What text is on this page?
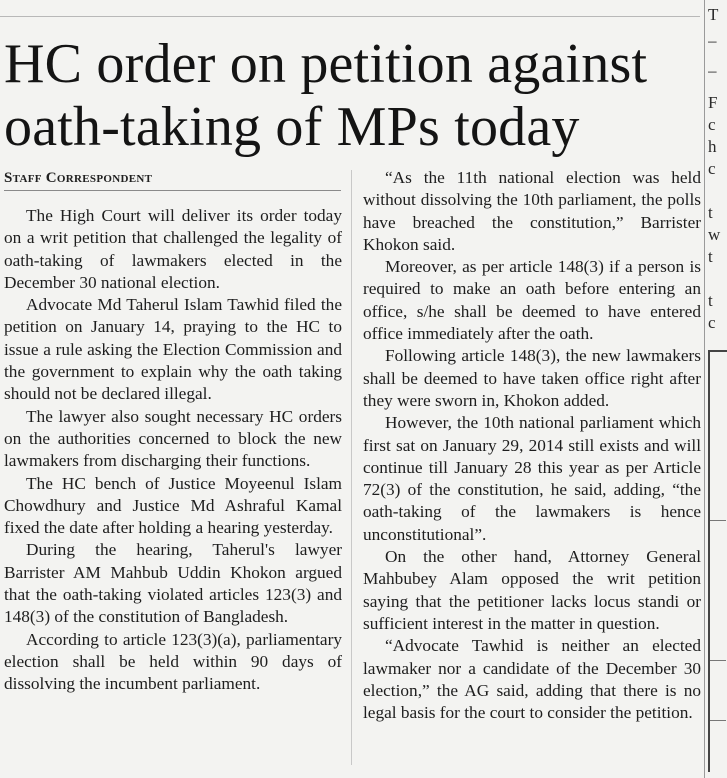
HC order on petition against oath-taking of MPs today
Staff Correspondent

The High Court will deliver its order today on a writ petition that challenged the legality of oath-taking of lawmakers elected in the December 30 national election.

Advocate Md Taherul Islam Tawhid filed the petition on January 14, praying to the HC to issue a rule asking the Election Commission and the government to explain why the oath taking should not be declared illegal.

The lawyer also sought necessary HC orders on the authorities concerned to block the new lawmakers from discharging their functions.

The HC bench of Justice Moyeenul Islam Chowdhury and Justice Md Ashraful Kamal fixed the date after holding a hearing yesterday.

During the hearing, Taherul's lawyer Barrister AM Mahbub Uddin Khokon argued that the oath-taking violated articles 123(3) and 148(3) of the constitution of Bangladesh.

According to article 123(3)(a), parliamentary election shall be held within 90 days of dissolving the incumbent parliament.

“As the 11th national election was held without dissolving the 10th parliament, the polls have breached the constitution,” Barrister Khokon said.

Moreover, as per article 148(3) if a person is required to make an oath before entering an office, s/he shall be deemed to have entered office immediately after the oath.

Following article 148(3), the new lawmakers shall be deemed to have taken office right after they were sworn in, Khokon added.

However, the 10th national parliament which first sat on January 29, 2014 still exists and will continue till January 28 this year as per Article 72(3) of the constitution, he said, adding, “the oath-taking of the lawmakers is hence unconstitutional”.

On the other hand, Attorney General Mahbubey Alam opposed the writ petition saying that the petitioner lacks locus standi or sufficient interest in the matter in question.

“Advocate Tawhid is neither an elected lawmaker nor a candidate of the December 30 election,” the AG said, adding that there is no legal basis for the court to consider the petition.

T
–
–
F
c
h
c
t
w
t
t
c
